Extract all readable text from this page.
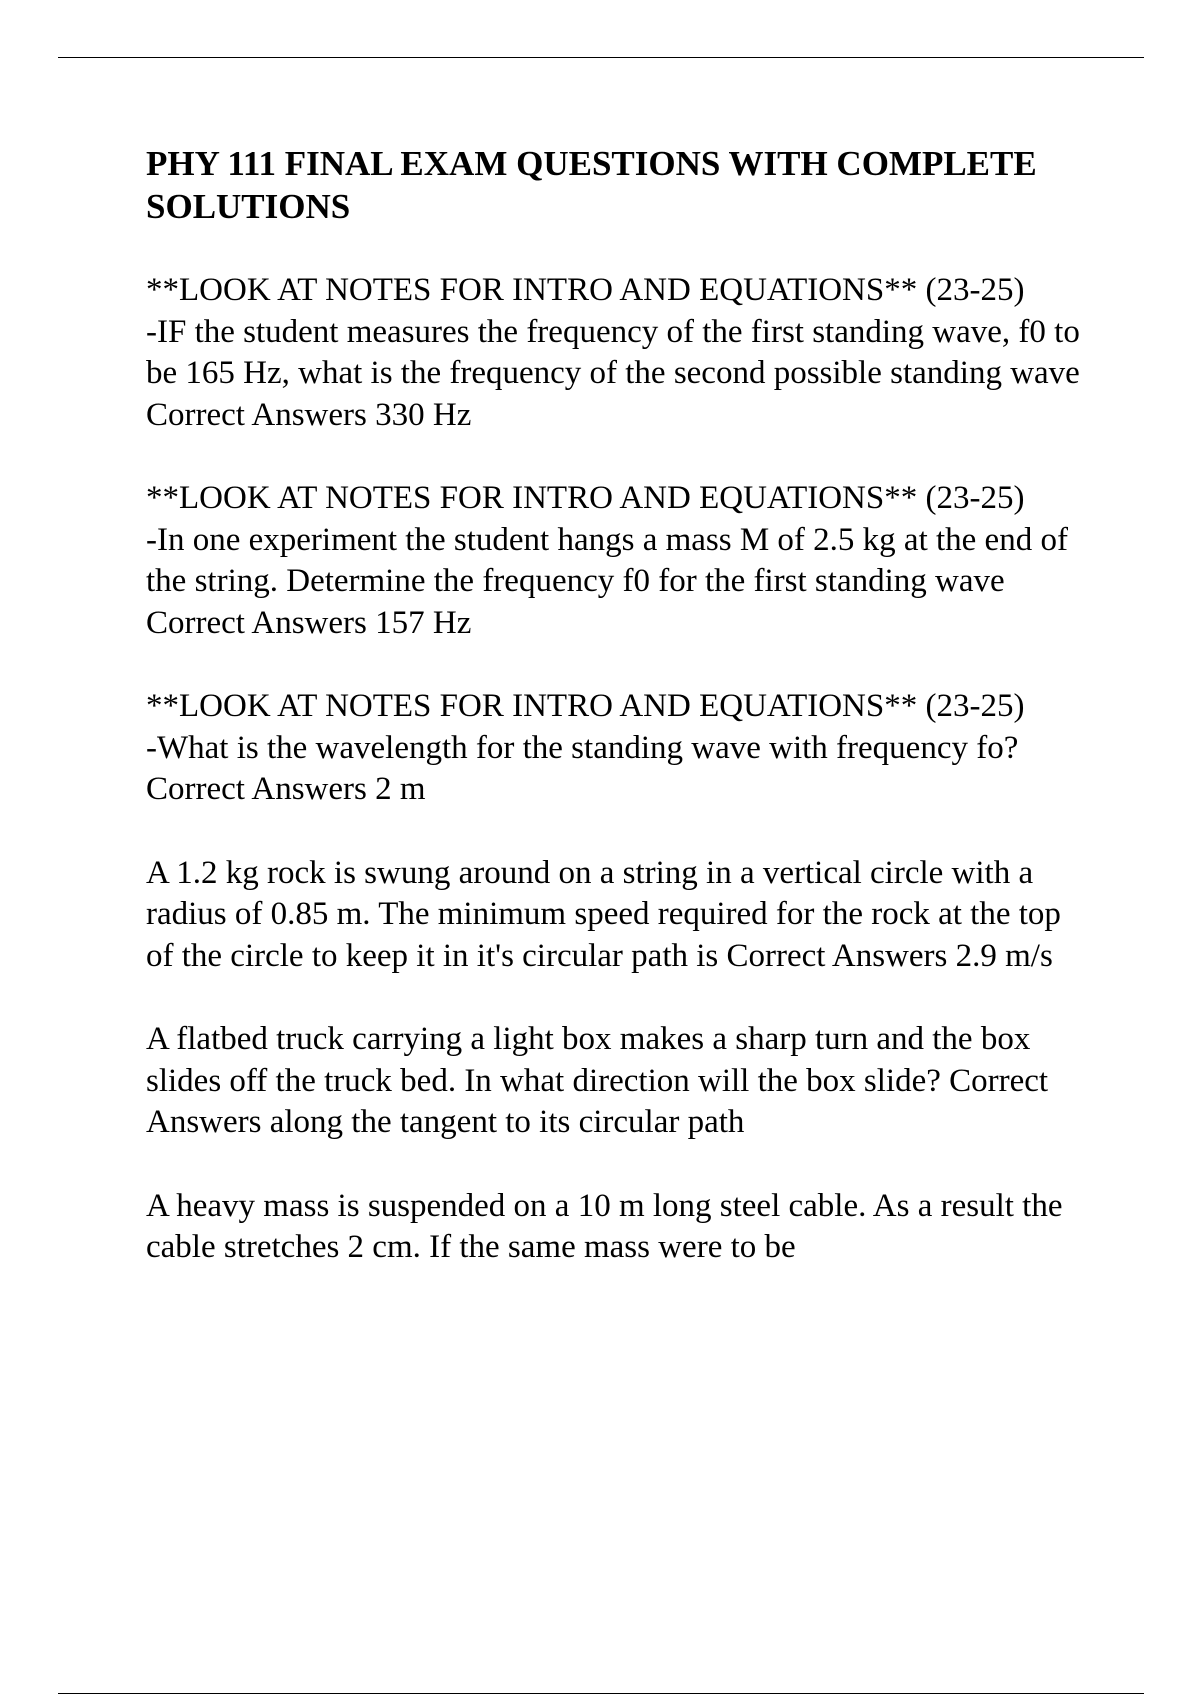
PHY 111 FINAL EXAM QUESTIONS WITH COMPLETE SOLUTIONS

**LOOK AT NOTES FOR INTRO AND EQUATIONS** (23-25)

-IF the student measures the frequency of the first standing wave, f0 to be 165 Hz, what is the frequency of the second possible standing wave Correct Answers 330 Hz

**LOOK AT NOTES FOR INTRO AND EQUATIONS** (23-25)

-In one experiment the student hangs a mass M of 2.5 kg at the end of the string. Determine the frequency f0 for the first standing wave Correct Answers 157 Hz

**LOOK AT NOTES FOR INTRO AND EQUATIONS** (23-25)

-What is the wavelength for the standing wave with frequency fo? Correct Answers 2 m

A 1.2 kg rock is swung around on a string in a vertical circle with a radius of 0.85 m. The minimum speed required for the rock at the top of the circle to keep it in it's circular path is Correct Answers 2.9 m/s

A flatbed truck carrying a light box makes a sharp turn and the box slides off the truck bed. In what direction will the box slide? Correct Answers along the tangent to its circular path

A heavy mass is suspended on a 10 m long steel cable. As a result the cable stretches 2 cm. If the same mass were to be
